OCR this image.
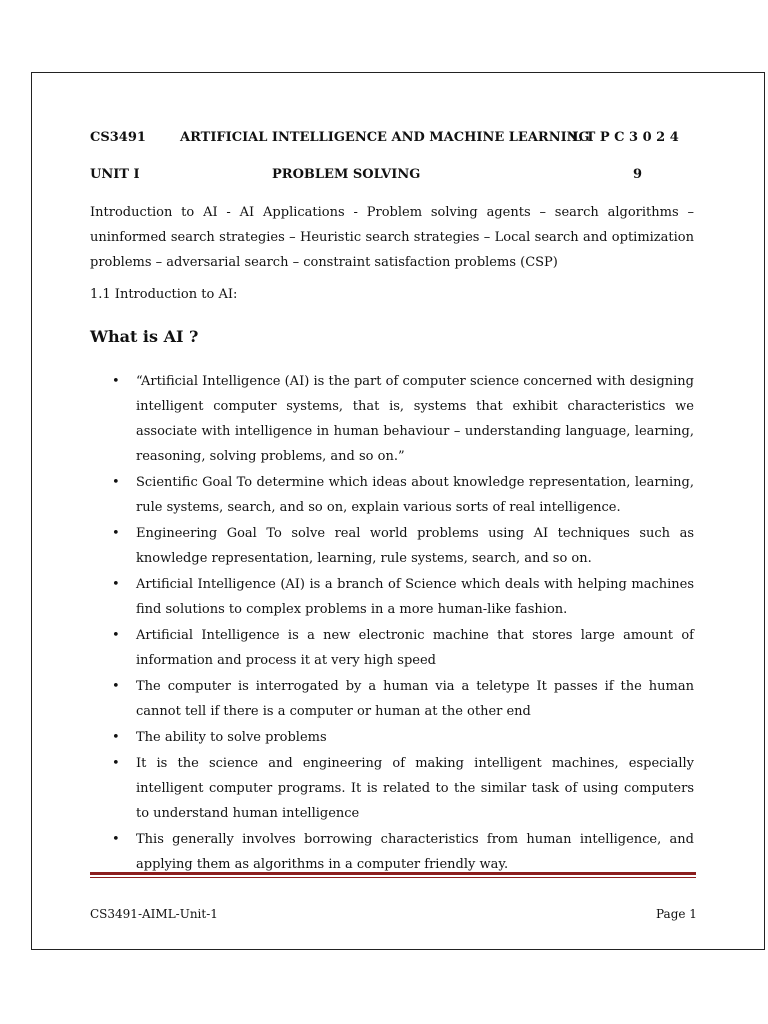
CS3491	ARTIFICIAL INTELLIGENCE AND MACHINE LEARNING
L T P C 3 0 2 4
UNIT I	PROBLEM SOLVING	9
Introduction to AI - AI Applications - Problem solving agents – search algorithms – uninformed search strategies – Heuristic search strategies – Local search and optimization problems – adversarial search – constraint satisfaction problems (CSP)
1.1 Introduction to AI:
What is AI ?
• “Artificial Intelligence (AI) is the part of computer science concerned with designing intelligent computer systems, that is, systems that exhibit characteristics we associate with intelligence in human behaviour – understanding language, learning, reasoning, solving problems, and so on.”
• Scientific Goal To determine which ideas about knowledge representation, learning, rule systems, search, and so on, explain various sorts of real intelligence.
• Engineering Goal To solve real world problems using AI techniques such as knowledge representation, learning, rule systems, search, and so on.
• Artificial Intelligence (AI) is a branch of Science which deals with helping machines find solutions to complex problems in a more human-like fashion.
• Artificial Intelligence is a new electronic machine that stores large amount of information and process it at very high speed
• The computer is interrogated by a human via a teletype It passes if the human cannot tell if there is a computer or human at the other end
• The ability to solve problems
• It is the science and engineering of making intelligent machines, especially intelligent computer programs. It is related to the similar task of using computers to understand human intelligence
• This generally involves borrowing characteristics from human intelligence, and applying them as algorithms in a computer friendly way.
CS3491-AIML-Unit-1	Page 1
